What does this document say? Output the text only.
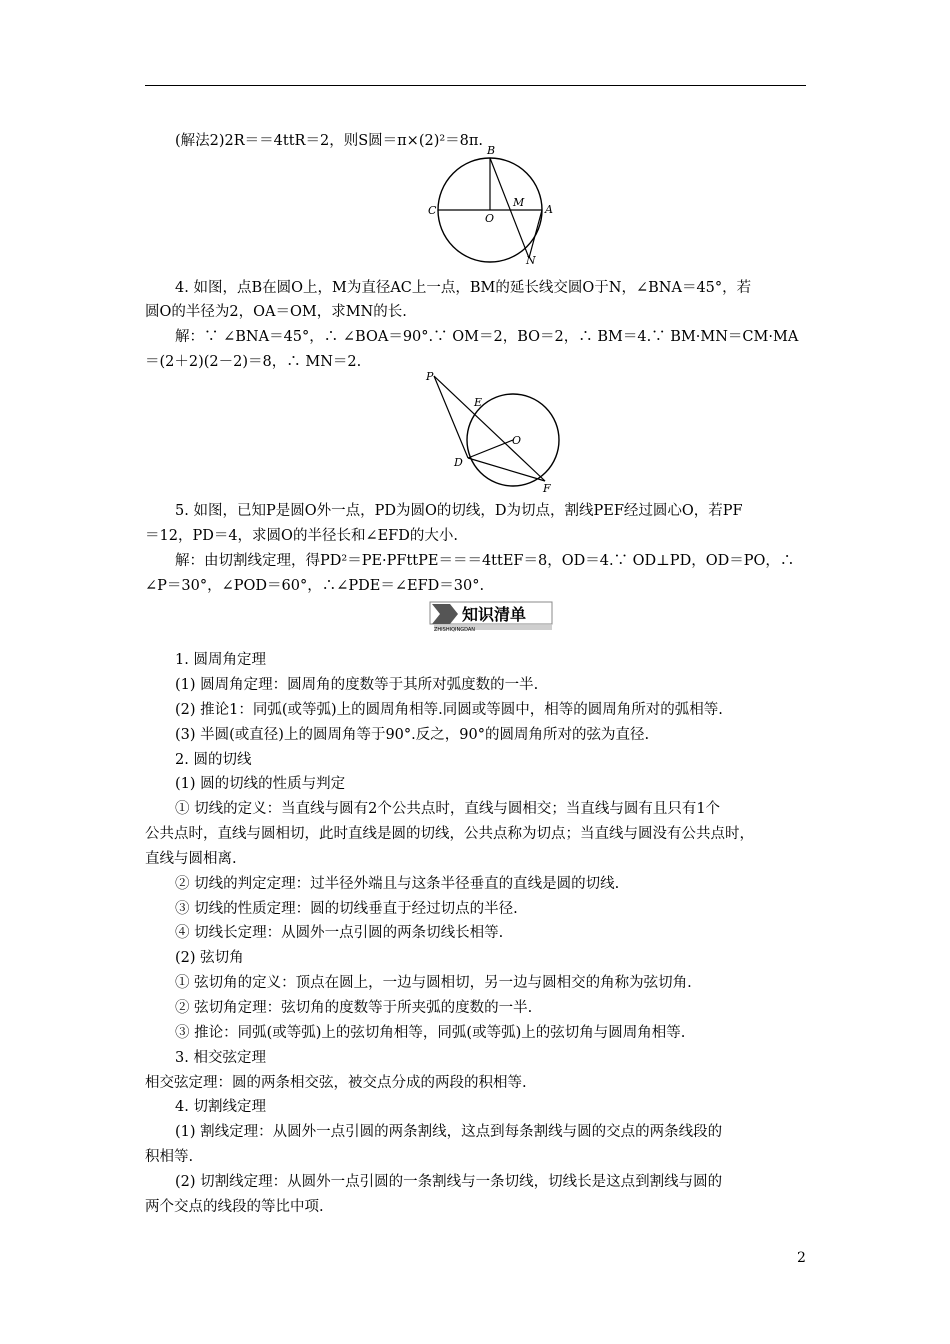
(解法2)2R＝＝4ttR＝2，则S圆＝π×(2)²＝8π.
4. 如图，点B在圆O上，M为直径AC上一点，BM的延长线交圆O于N，∠BNA＝45°，若
圆O的半径为2，OA＝OM，求MN的长.
解：∵ ∠BNA＝45°，∴ ∠BOA＝90°.∵ OM＝2，BO＝2，∴ BM＝4.∵ BM·MN＝CM·MA
＝(2＋2)(2－2)＝8，∴ MN＝2.
5. 如图，已知P是圆O外一点，PD为圆O的切线，D为切点，割线PEF经过圆心O，若PF
＝12，PD＝4，求圆O的半径长和∠EFD的大小.
解：由切割线定理，得PD²＝PE·PFttPE＝＝＝4ttEF＝8，OD＝4.∵ OD⊥PD，OD＝PO，∴
∠P＝30°，∠POD＝60°，∴∠PDE＝∠EFD＝30°.
1. 圆周角定理
(1) 圆周角定理：圆周角的度数等于其所对弧度数的一半.
(2) 推论1：同弧(或等弧)上的圆周角相等.同圆或等圆中，相等的圆周角所对的弧相等.
(3) 半圆(或直径)上的圆周角等于90°.反之，90°的圆周角所对的弦为直径.
2. 圆的切线
(1) 圆的切线的性质与判定
① 切线的定义：当直线与圆有2个公共点时，直线与圆相交；当直线与圆有且只有1个
公共点时，直线与圆相切，此时直线是圆的切线，公共点称为切点；当直线与圆没有公共点时，
直线与圆相离.
② 切线的判定定理：过半径外端且与这条半径垂直的直线是圆的切线.
③ 切线的性质定理：圆的切线垂直于经过切点的半径.
④ 切线长定理：从圆外一点引圆的两条切线长相等.
(2) 弦切角
① 弦切角的定义：顶点在圆上，一边与圆相切，另一边与圆相交的角称为弦切角.
② 弦切角定理：弦切角的度数等于所夹弧的度数的一半.
③ 推论：同弧(或等弧)上的弦切角相等，同弧(或等弧)上的弦切角与圆周角相等.
3. 相交弦定理
相交弦定理：圆的两条相交弦，被交点分成的两段的积相等.
4. 切割线定理
(1) 割线定理：从圆外一点引圆的两条割线，这点到每条割线与圆的交点的两条线段的
积相等.
(2) 切割线定理：从圆外一点引圆的一条割线与一条切线，切线长是这点到割线与圆的
两个交点的线段的等比中项.
B
C
O
M
A
N
P
E
O
D
F
知识清单
ZHISHIQINGDAN
2
